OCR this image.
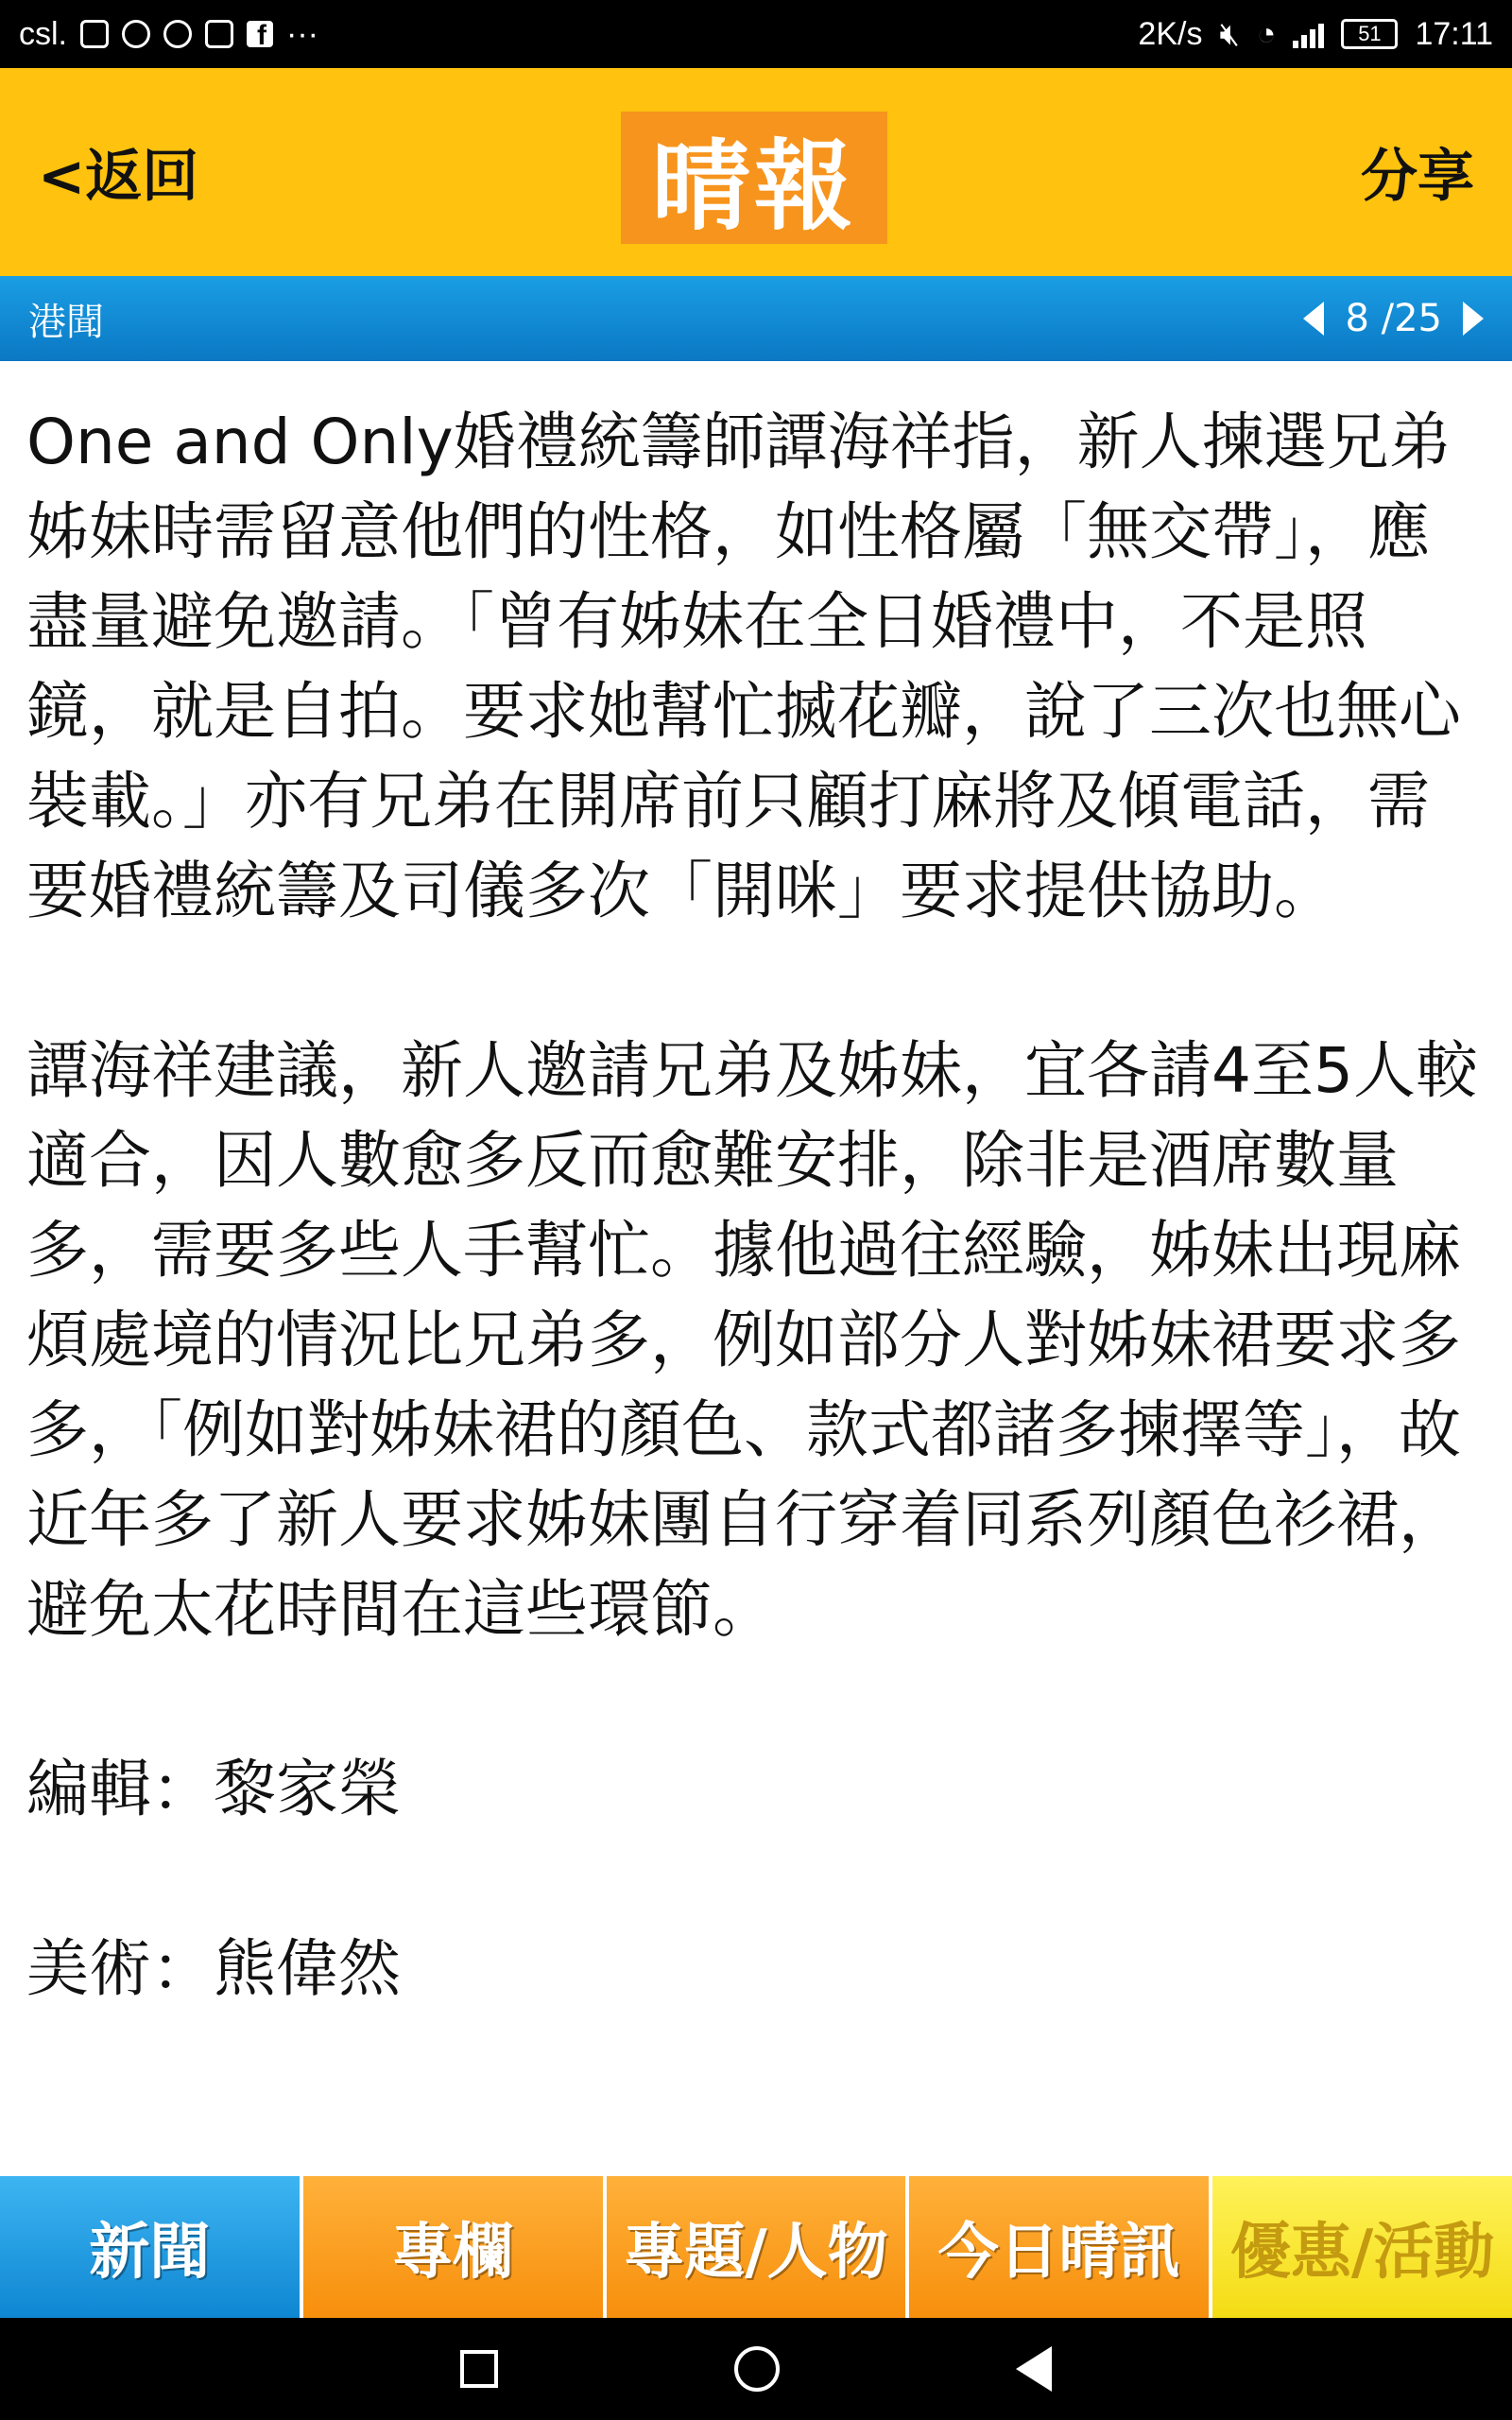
csl.
f	···	2K/s 🔇︎ ◔	51	17:11
<返回	晴報	分享
港聞	8 /25

One and Only婚禮統籌師譚海祥指，新人揀選兄弟姊妹時需留意他們的性格，如性格屬「無交帶」，應盡量避免邀請。「曾有姊妹在全日婚禮中，不是照鏡，就是自拍。要求她幫忙搣花瓣，說了三次也無心裝載。」亦有兄弟在開席前只顧打麻將及傾電話，需要婚禮統籌及司儀多次「開咪」要求提供協助。

譚海祥建議，新人邀請兄弟及姊妹，宜各請4至5人較適合，因人數愈多反而愈難安排，除非是酒席數量多，需要多些人手幫忙。據他過往經驗，姊妹出現麻煩處境的情況比兄弟多，例如部分人對姊妹裙要求多多，「例如對姊妹裙的顏色、款式都諸多揀擇等」，故近年多了新人要求姊妹團自行穿着同系列顏色衫裙，避免太花時間在這些環節。

編輯：黎家榮

美術：熊偉然

新聞	專欄	專題/人物 今日晴訊 優惠/活動
